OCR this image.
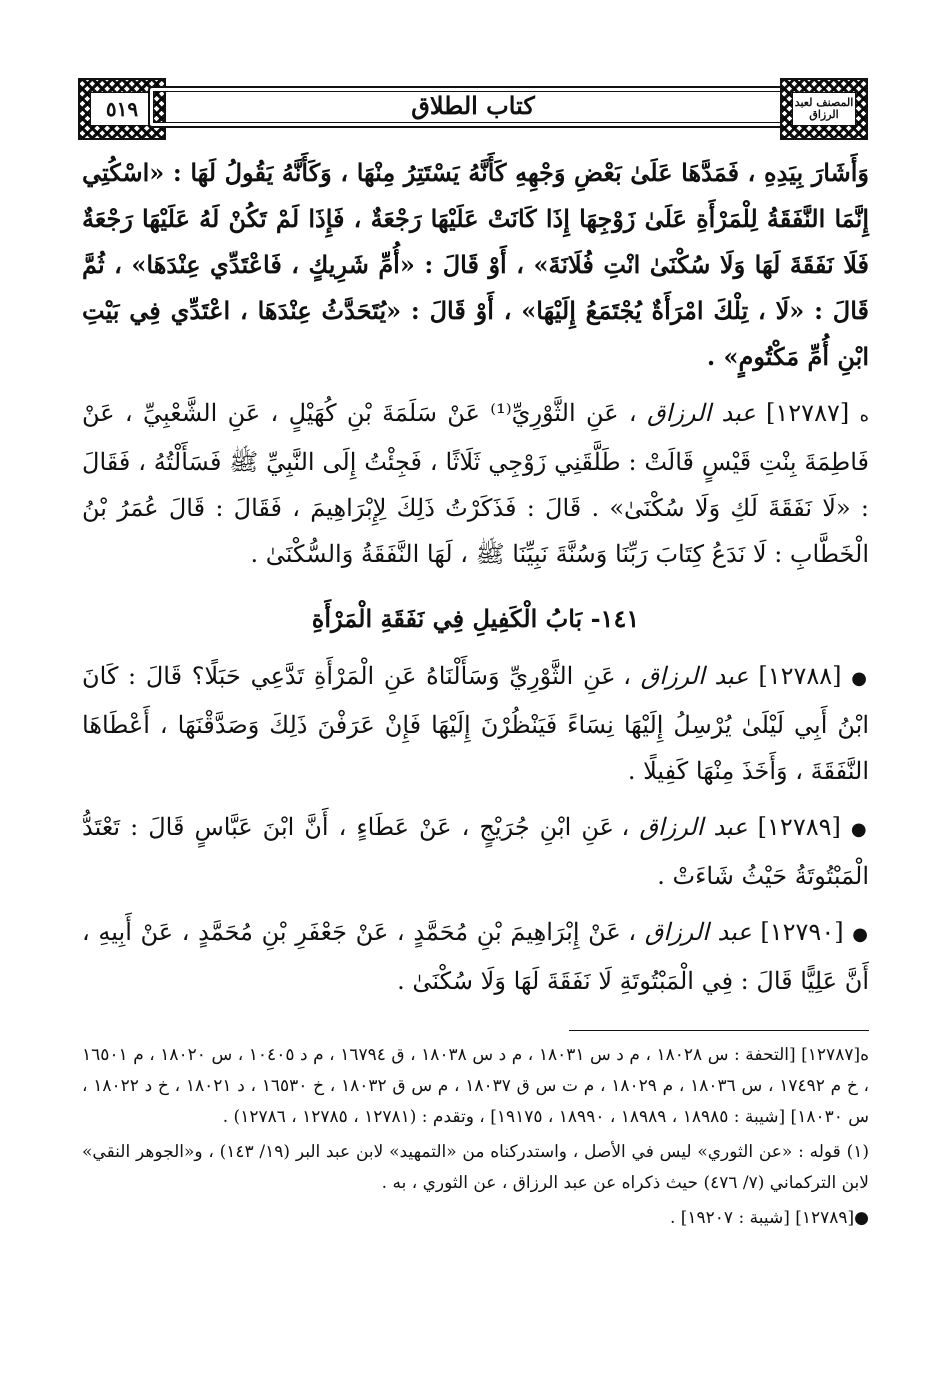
٥١٩	كتاب الطلاق	المصنف لعبد الرزاق

وَأَشَارَ بِيَدِهِ ، فَمَدَّهَا عَلَىٰ بَعْضِ وَجْهِهِ كَأَنَّهُ يَسْتَتِرُ مِنْهَا ، وَكَأَنَّهُ يَقُولُ لَهَا : «اسْكُتِي إِنَّمَا النَّفَقَةُ لِلْمَرْأَةِ عَلَىٰ زَوْجِهَا إِذَا كَانَتْ عَلَيْهَا رَجْعَةٌ ، فَإِذَا لَمْ تَكُنْ لَهُ عَلَيْهَا رَجْعَةٌ فَلَا نَفَقَةَ لَهَا وَلَا سُكْنَىٰ انْتِ فُلَانَةَ» ، أَوْ قَالَ : «أُمِّ شَرِيكٍ ، فَاعْتَدِّي عِنْدَهَا» ، ثُمَّ قَالَ : «لَا ، تِلْكَ امْرَأَةٌ يُجْتَمَعُ إِلَيْهَا» ، أَوْ قَالَ : «يُتَحَدَّثُ عِنْدَهَا ، اعْتَدِّي فِي بَيْتِ ابْنِ أُمِّ مَكْتُومٍ» .

ه [١٢٧٨٧] عبد الرزاق ، عَنِ الثَّوْرِيِّ⁽¹⁾ عَنْ سَلَمَةَ بْنِ كُهَيْلٍ ، عَنِ الشَّعْبِيِّ ، عَنْ فَاطِمَةَ بِنْتِ قَيْسٍ قَالَتْ : طَلَّقَنِي زَوْجِي ثَلَاثًا ، فَجِئْتُ إِلَى النَّبِيِّ ﷺ فَسَأَلْتُهُ ، فَقَالَ : «لَا نَفَقَةَ لَكِ وَلَا سُكْنَىٰ» . قَالَ : فَذَكَرْتُ ذَلِكَ لِإِبْرَاهِيمَ ، فَقَالَ : قَالَ عُمَرُ بْنُ الْخَطَّابِ : لَا نَدَعُ كِتَابَ رَبِّنَا وَسُنَّةَ نَبِيِّنَا ﷺ ، لَهَا النَّفَقَةُ وَالسُّكْنَىٰ .

١٤١- بَابُ الْكَفِيلِ فِي نَفَقَةِ الْمَرْأَةِ

● [١٢٧٨٨] عبد الرزاق ، عَنِ الثَّوْرِيِّ وَسَأَلْنَاهُ عَنِ الْمَرْأَةِ تَدَّعِي حَبَلًا؟ قَالَ : كَانَ ابْنُ أَبِي لَيْلَىٰ يُرْسِلُ إِلَيْهَا نِسَاءً فَيَنْظُرْنَ إِلَيْهَا فَإِنْ عَرَفْنَ ذَلِكَ وَصَدَّقْنَهَا ، أَعْطَاهَا النَّفَقَةَ ، وَأَخَذَ مِنْهَا كَفِيلًا .

● [١٢٧٨٩] عبد الرزاق ، عَنِ ابْنِ جُرَيْجٍ ، عَنْ عَطَاءٍ ، أَنَّ ابْنَ عَبَّاسٍ قَالَ : تَعْتَدُّ الْمَبْتُوتَةُ حَيْثُ شَاءَتْ .

● [١٢٧٩٠] عبد الرزاق ، عَنْ إِبْرَاهِيمَ بْنِ مُحَمَّدٍ ، عَنْ جَعْفَرِ بْنِ مُحَمَّدٍ ، عَنْ أَبِيهِ ، أَنَّ عَلِيًّا قَالَ : فِي الْمَبْتُوتَةِ لَا نَفَقَةَ لَهَا وَلَا سُكْنَىٰ .

ه[١٢٧٨٧] [التحفة : س ١٨٠٢٨ ، م د س ١٨٠٣١ ، م د س ١٨٠٣٨ ، ق ١٦٧٩٤ ، م د ١٠٤٠٥ ، س ١٨٠٢٠ ، م ١٦٥٠١ ، خ م ١٧٤٩٢ ، س ١٨٠٣٦ ، م ١٨٠٢٩ ، م ت س ق ١٨٠٣٧ ، م س ق ١٨٠٣٢ ، خ ١٦٥٣٠ ، د ١٨٠٢١ ، خ د ١٨٠٢٢ ، س ١٨٠٣٠] [شيبة : ١٨٩٨٥ ، ١٨٩٨٩ ، ١٨٩٩٠ ، ١٩١٧٥] ، وتقدم : (١٢٧٨١ ، ١٢٧٨٥ ، ١٢٧٨٦) .

(١) قوله : «عن الثوري» ليس في الأصل ، واستدركناه من «التمهيد» لابن عبد البر (١٩/ ١٤٣) ، و«الجوهر النقي» لابن التركماني (٧/ ٤٧٦) حيث ذكراه عن عبد الرزاق ، عن الثوري ، به .

●[١٢٧٨٩] [شيبة : ١٩٢٠٧] .
